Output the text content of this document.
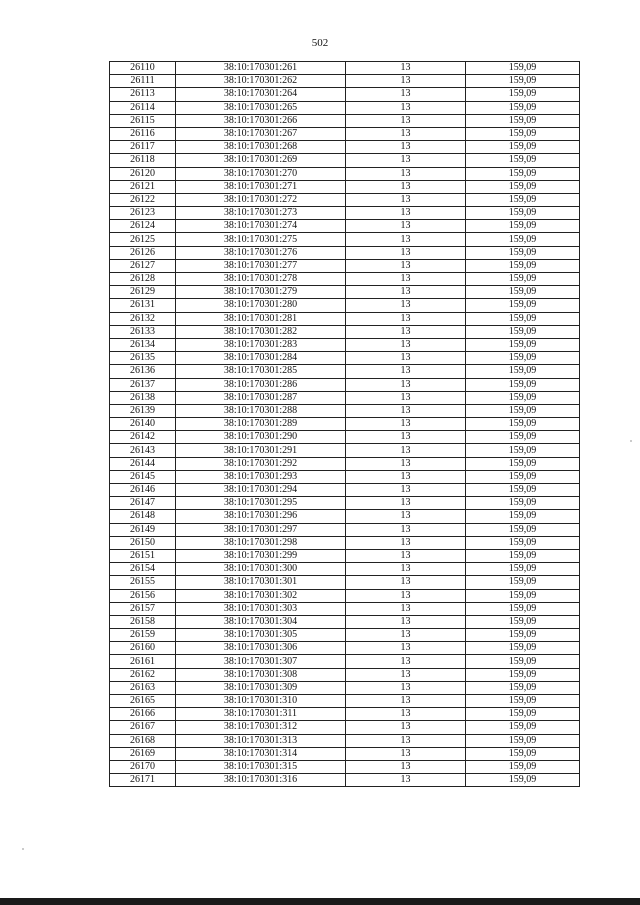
502
26110	38:10:170301:261	13	159,09
26111	38:10:170301:262	13	159,09
26113	38:10:170301:264	13	159,09
26114	38:10:170301:265	13	159,09
26115	38:10:170301:266	13	159,09
26116	38:10:170301:267	13	159,09
26117	38:10:170301:268	13	159,09
26118	38:10:170301:269	13	159,09
26120	38:10:170301:270	13	159,09
26121	38:10:170301:271	13	159,09
26122	38:10:170301:272	13	159,09
26123	38:10:170301:273	13	159,09
26124	38:10:170301:274	13	159,09
26125	38:10:170301:275	13	159,09
26126	38:10:170301:276	13	159,09
26127	38:10:170301:277	13	159,09
26128	38:10:170301:278	13	159,09
26129	38:10:170301:279	13	159,09
26131	38:10:170301:280	13	159,09
26132	38:10:170301:281	13	159,09
26133	38:10:170301:282	13	159,09
26134	38:10:170301:283	13	159,09
26135	38:10:170301:284	13	159,09
26136	38:10:170301:285	13	159,09
26137	38:10:170301:286	13	159,09
26138	38:10:170301:287	13	159,09
26139	38:10:170301:288	13	159,09
26140	38:10:170301:289	13	159,09
26142	38:10:170301:290	13	159,09
26143	38:10:170301:291	13	159,09
26144	38:10:170301:292	13	159,09
26145	38:10:170301:293	13	159,09
26146	38:10:170301:294	13	159,09
26147	38:10:170301:295	13	159,09
26148	38:10:170301:296	13	159,09
26149	38:10:170301:297	13	159,09
26150	38:10:170301:298	13	159,09
26151	38:10:170301:299	13	159,09
26154	38:10:170301:300	13	159,09
26155	38:10:170301:301	13	159,09
26156	38:10:170301:302	13	159,09
26157	38:10:170301:303	13	159,09
26158	38:10:170301:304	13	159,09
26159	38:10:170301:305	13	159,09
26160	38:10:170301:306	13	159,09
26161	38:10:170301:307	13	159,09
26162	38:10:170301:308	13	159,09
26163	38:10:170301:309	13	159,09
26165	38:10:170301:310	13	159,09
26166	38:10:170301:311	13	159,09
26167	38:10:170301:312	13	159,09
26168	38:10:170301:313	13	159,09
26169	38:10:170301:314	13	159,09
26170	38:10:170301:315	13	159,09
26171	38:10:170301:316	13	159,09
